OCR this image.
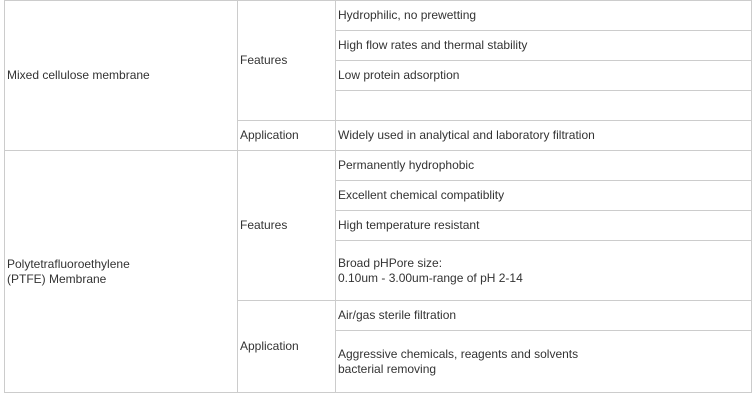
Mixed cellulose membrane	Features	Hydrophilic, no prewetting
		High flow rates and thermal stability
		Low protein adsorption

	Application	Widely used in analytical and laboratory filtration

Polytetrafluoroethylene
(PTFE) Membrane	Features	Permanently hydrophobic
		Excellent chemical compatiblity
		High temperature resistant

		Broad pHPore size:
0.10um - 3.00um-range of pH 2-14

	Application	Air/gas sterile filtration

		Aggressive chemicals, reagents and solvents
bacterial removing
